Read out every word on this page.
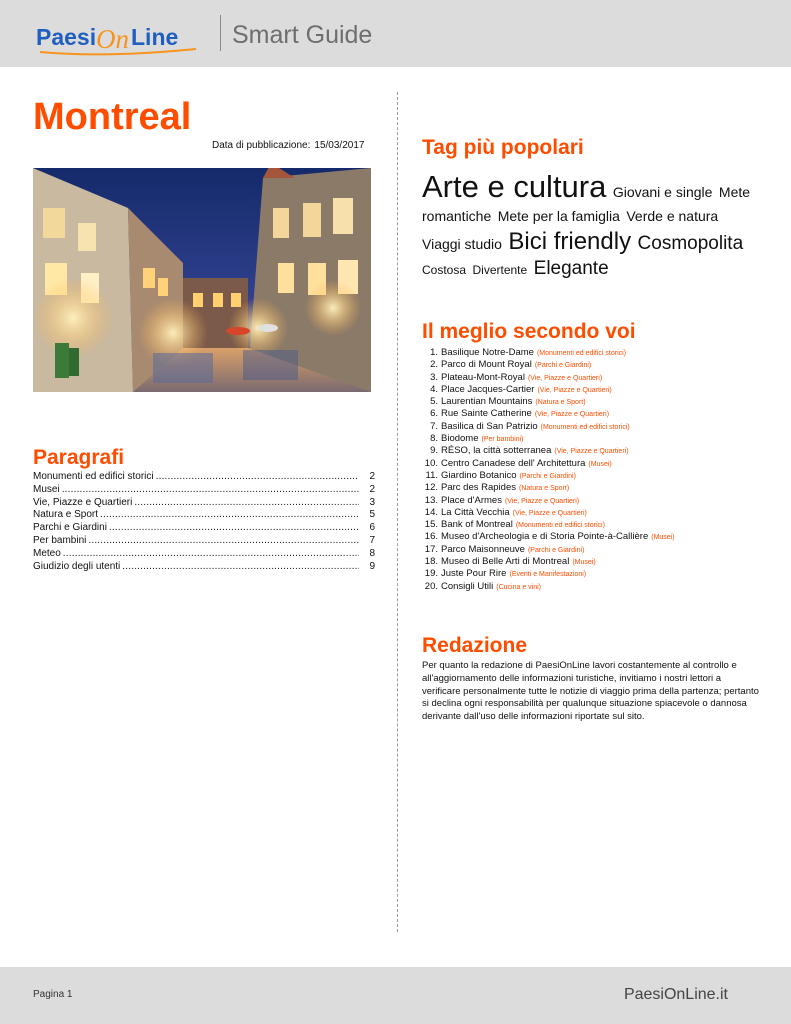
Paesi On Line Smart Guide
Montreal
Data di pubblicazione: 15/03/2017
Paragrafi
Monumenti ed edifici storici .....	2
Musei .....	2
Vie, Piazze e Quartieri .....	3
Natura e Sport .....	5
Parchi e Giardini .....	6
Per bambini .....	7
Meteo .....	8
Giudizio degli utenti .....	9
Tag più popolari
Arte e cultura Giovani e single Mete romantiche Mete per la famiglia Verde e natura Viaggi studio Bici friendly Cosmopolita Costosa Divertente Elegante
Il meglio secondo voi
1. Basilique Notre-Dame (Monumenti ed edifici storici)
2. Parco di Mount Royal (Parchi e Giardini)
3. Plateau-Mont-Royal (Vie, Piazze e Quartieri)
4. Place Jacques-Cartier (Vie, Piazze e Quartieri)
5. Laurentian Mountains (Natura e Sport)
6. Rue Sainte Catherine (Vie, Piazze e Quartieri)
7. Basilica di San Patrizio (Monumenti ed edifici storici)
8. Biodome (Per bambini)
9. RÉSO, la città sotterranea (Vie, Piazze e Quartieri)
10. Centro Canadese dell' Architettura (Musei)
11. Giardino Botanico (Parchi e Giardini)
12. Parc des Rapides (Natura e Sport)
13. Place d'Armes (Vie, Piazze e Quartieri)
14. La Città Vecchia (Vie, Piazze e Quartieri)
15. Bank of Montreal (Monumenti ed edifici storici)
16. Museo d'Archeologia e di Storia Pointe-à-Callière (Musei)
17. Parco Maisonneuve (Parchi e Giardini)
18. Museo di Belle Arti di Montreal (Musei)
19. Juste Pour Rire (Eventi e Manifestazioni)
20. Consigli Utili (Cucina e vini)
Redazione
Per quanto la redazione di PaesiOnLine lavori costantemente al controllo e all'aggiornamento delle informazioni turistiche, invitiamo i nostri lettori a verificare personalmente tutte le notizie di viaggio prima della partenza; pertanto si declina ogni responsabilità per qualunque situazione spiacevole o dannosa derivante dall'uso delle informazioni riportate sul sito.
Pagina 1	PaesiOnLine.it
